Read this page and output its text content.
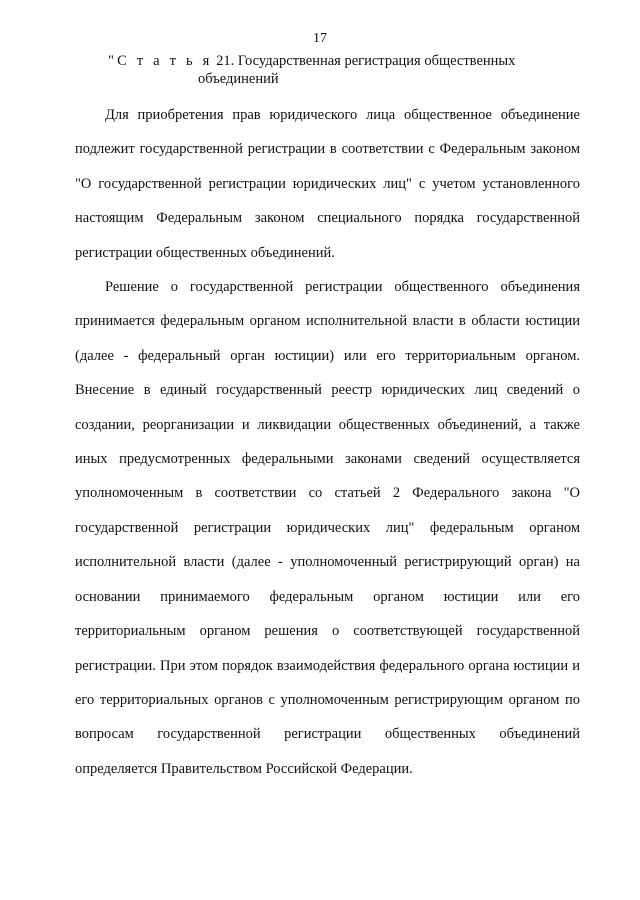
17
"С т а т ь я 21. Государственная регистрация общественных
объединений

Для приобретения прав юридического лица общественное объединение подлежит государственной регистрации в соответствии с Федеральным законом "О государственной регистрации юридических лиц" с учетом установленного настоящим Федеральным законом специального порядка государственной регистрации общественных объединений.

Решение о государственной регистрации общественного объединения принимается федеральным органом исполнительной власти в области юстиции (далее - федеральный орган юстиции) или его территориальным органом. Внесение в единый государственный реестр юридических лиц сведений о создании, реорганизации и ликвидации общественных объединений, а также иных предусмотренных федеральными законами сведений осуществляется уполномоченным в соответствии со статьей 2 Федерального закона "О государственной регистрации юридических лиц" федеральным органом исполнительной власти (далее - уполномоченный регистрирующий орган) на основании принимаемого федеральным органом юстиции или его территориальным органом решения о соответствующей государственной регистрации. При этом порядок взаимодействия федерального органа юстиции и его территориальных органов с уполномоченным регистрирующим органом по вопросам государственной регистрации общественных объединений определяется Правительством Российской Федерации.
